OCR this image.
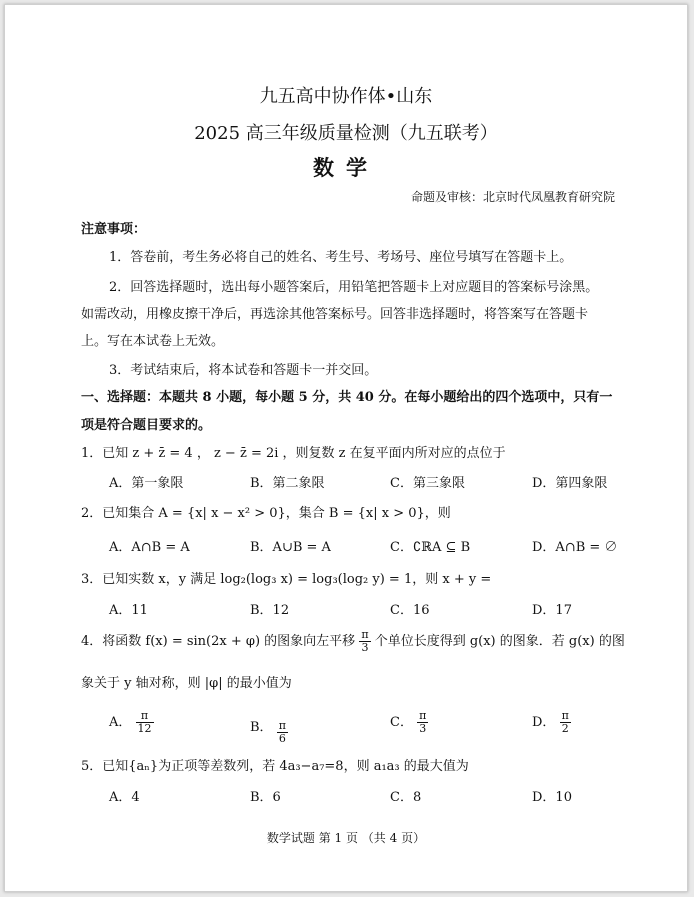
九五高中协作体•山东
2025 高三年级质量检测（九五联考）
数学
命题及审核：北京时代凤凰教育研究院
注意事项：
1．答卷前，考生务必将自己的姓名、考生号、考场号、座位号填写在答题卡上。
2．回答选择题时，选出每小题答案后，用铅笔把答题卡上对应题目的答案标号涂黑。
如需改动，用橡皮擦干净后，再选涂其他答案标号。回答非选择题时，将答案写在答题卡
上。写在本试卷上无效。
3．考试结束后，将本试卷和答题卡一并交回。
一、选择题：本题共 8 小题，每小题 5 分，共 40 分。在每小题给出的四个选项中，只有一
项是符合题目要求的。
1．已知 z + z̄ = 4 ， z − z̄ = 2i ，则复数 z 在复平面内所对应的点位于
A．第一象限	B．第二象限	C．第三象限	D．第四象限
2．已知集合 A = {x| x − x² > 0}，集合 B = {x| x > 0}，则
A．A∩B = A	B．A∪B = A	C．∁ℝA ⊆ B	D．A∩B = ∅
3．已知实数 x，y 满足 log₂(log₃ x) = log₃(log₂ y) = 1，则 x + y =
A．11	B．12	C．16	D．17
4．将函数 f(x) = sin(2x + φ) 的图象向左平移 $\frac{\pi}{3}$ 个单位长度得到 g(x) 的图象．若 g(x) 的图
象关于 y 轴对称，则 |φ| 的最小值为
A． $\frac{\pi}{12}$	B． $\frac{\pi}{6}$	C． $\frac{\pi}{3}$	D． $\frac{\pi}{2}$
5．已知{aₙ}为正项等差数列，若 4a₃−a₇=8，则 a₁a₃ 的最大值为
A．4	B．6	C．8	D．10
数学试题 第 1 页 （共 4 页）
